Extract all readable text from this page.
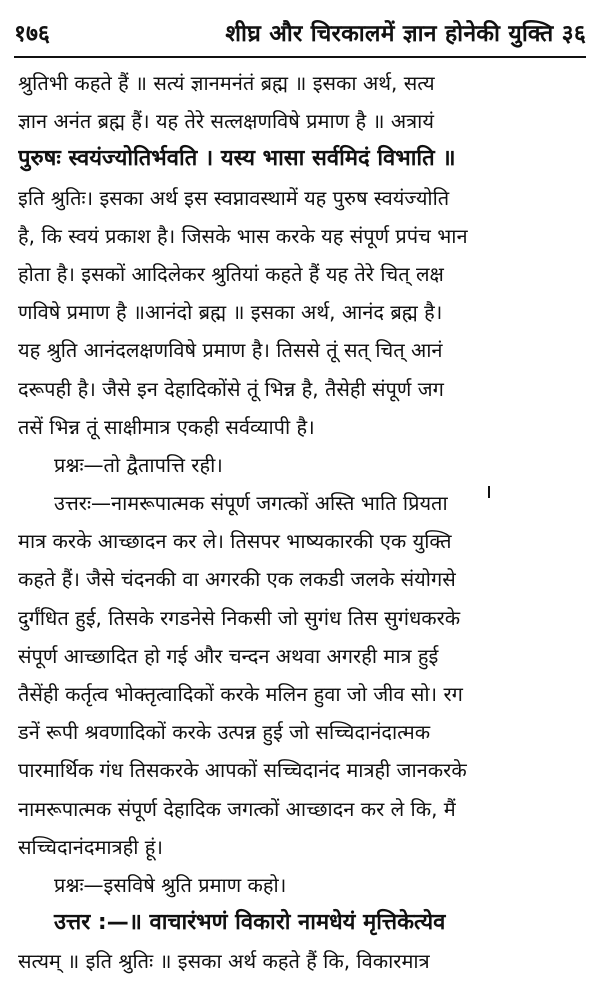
१७६	शीघ्र और चिरकालमें ज्ञान होनेकी युक्ति ३६
श्रुतिभी कहते हैं ॥ सत्यं ज्ञानमनंतं ब्रह्म ॥ इसका अर्थ, सत्य
ज्ञान अनंत ब्रह्म हैं। यह तेरे सत्लक्षणविषे प्रमाण है ॥ अत्रायं
पुरुषः स्वयंज्योतिर्भवति । यस्य भासा सर्वमिदं विभाति ॥
इति श्रुतिः। इसका अर्थ इस स्वप्नावस्थामें यह पुरुष स्वयंज्योति
है, कि स्वयं प्रकाश है। जिसके भास करके यह संपूर्ण प्रपंच भान
होता है। इसकों आदिलेकर श्रुतियां कहते हैं यह तेरे चित् लक्ष
णविषे प्रमाण है ॥आनंदो ब्रह्म ॥ इसका अर्थ, आनंद ब्रह्म है।
यह श्रुति आनंदलक्षणविषे प्रमाण है। तिससे तूं सत् चित् आनं
दरूपही है। जैसे इन देहादिकोंसे तूं भिन्न है, तैसेही संपूर्ण जग
तसें भिन्न तूं साक्षीमात्र एकही सर्वव्यापी है।
प्रश्नः—तो द्वैतापत्ति रही।
उत्तरः—नामरूपात्मक संपूर्ण जगत्कों अस्ति भाति प्रियता
मात्र करके आच्छादन कर ले। तिसपर भाष्यकारकी एक युक्ति
कहते हैं। जैसे चंदनकी वा अगरकी एक लकडी जलके संयोगसे
दुर्गंधित हुई, तिसके रगडनेसे निकसी जो सुगंध तिस सुगंधकरके
संपूर्ण आच्छादित हो गई और चन्दन अथवा अगरही मात्र हुई
तैसेंही कर्तृत्व भोक्तृत्वादिकों करके मलिन हुवा जो जीव सो। रग
डनें रूपी श्रवणादिकों करके उत्पन्न हुई जो सच्चिदानंदात्मक
पारमार्थिक गंध तिसकरके आपकों सच्चिदानंद मात्रही जानकरके
नामरूपात्मक संपूर्ण देहादिक जगत्कों आच्छादन कर ले कि, मैं
सच्चिदानंदमात्रही हूं।
प्रश्नः—इसविषे श्रुति प्रमाण कहो।
उत्तर :—॥ वाचारंभणं विकारो नामधेयं मृत्तिकेत्येव
सत्यम् ॥ इति श्रुतिः ॥ इसका अर्थ कहते हैं कि, विकारमात्र
